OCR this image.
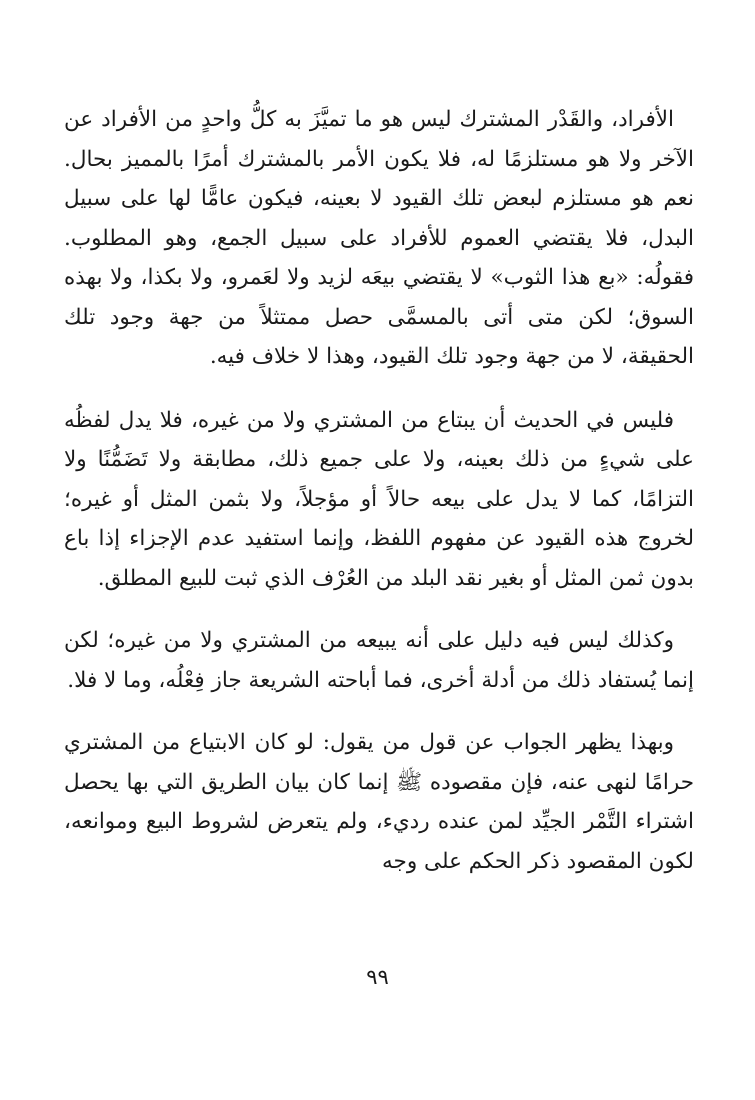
الأفراد، والقَدْر المشترك ليس هو ما تميَّزَ به كلُّ واحدٍ من الأفراد عن الآخر ولا هو مستلزمًا له، فلا يكون الأمر بالمشترك أمرًا بالمميز بحال. نعم هو مستلزم لبعض تلك القيود لا بعينه، فيكون عامًّا لها على سبيل البدل، فلا يقتضي العموم للأفراد على سبيل الجمع، وهو المطلوب. فقولُه: «بع هذا الثوب» لا يقتضي بيعَه لزيد ولا لعَمرو، ولا بكذا، ولا بهذه السوق؛ لكن متى أتى بالمسمَّى حصل ممتثلاً من جهة وجود تلك الحقيقة، لا من جهة وجود تلك القيود، وهذا لا خلاف فيه.

فليس في الحديث أن يبتاع من المشتري ولا من غيره، فلا يدل لفظُه على شيءٍ من ذلك بعينه، ولا على جميع ذلك، مطابقة ولا تَضَمُّنًا ولا التزامًا، كما لا يدل على بيعه حالاً أو مؤجلاً، ولا بثمن المثل أو غيره؛ لخروج هذه القيود عن مفهوم اللفظ، وإنما استفيد عدم الإجزاء إذا باع بدون ثمن المثل أو بغير نقد البلد من العُرْف الذي ثبت للبيع المطلق.

وكذلك ليس فيه دليل على أنه يبيعه من المشتري ولا من غيره؛ لكن إنما يُستفاد ذلك من أدلة أخرى، فما أباحته الشريعة جاز فِعْلُه، وما لا فلا.

وبهذا يظهر الجواب عن قول من يقول: لو كان الابتياع من المشتري حرامًا لنهى عنه، فإن مقصوده ﷺ إنما كان بيان الطريق التي بها يحصل اشتراء التَّمْر الجيِّد لمن عنده رديء، ولم يتعرض لشروط البيع وموانعه، لكون المقصود ذكر الحكم على وجه

٩٩
